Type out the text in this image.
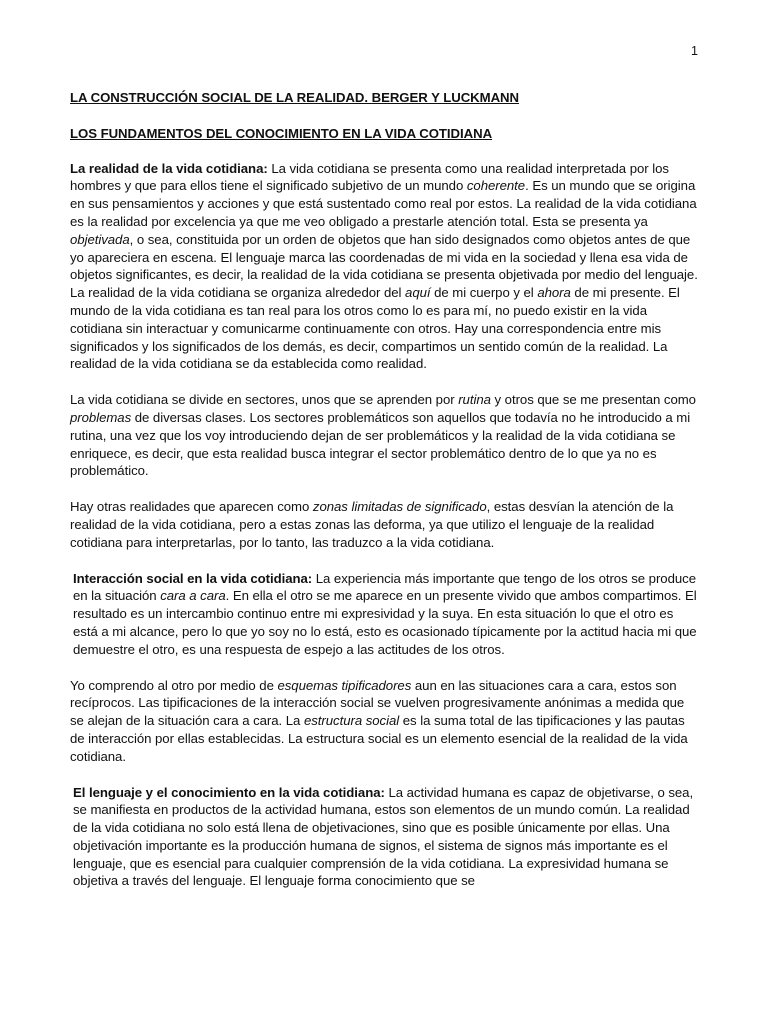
1
LA CONSTRUCCIÓN SOCIAL DE LA REALIDAD. BERGER Y LUCKMANN
LOS FUNDAMENTOS DEL CONOCIMIENTO EN LA VIDA COTIDIANA

La realidad de la vida cotidiana: La vida cotidiana se presenta como una realidad interpretada por los hombres y que para ellos tiene el significado subjetivo de un mundo coherente. Es un mundo que se origina en sus pensamientos y acciones y que está sustentado como real por estos. La realidad de la vida cotidiana es la realidad por excelencia ya que me veo obligado a prestarle atención total. Esta se presenta ya objetivada, o sea, constituida por un orden de objetos que han sido designados como objetos antes de que yo apareciera en escena. El lenguaje marca las coordenadas de mi vida en la sociedad y llena esa vida de objetos significantes, es decir, la realidad de la vida cotidiana se presenta objetivada por medio del lenguaje. La realidad de la vida cotidiana se organiza alrededor del aquí de mi cuerpo y el ahora de mi presente. El mundo de la vida cotidiana es tan real para los otros como lo es para mí, no puedo existir en la vida cotidiana sin interactuar y comunicarme continuamente con otros. Hay una correspondencia entre mis significados y los significados de los demás, es decir, compartimos un sentido común de la realidad. La realidad de la vida cotidiana se da establecida como realidad.

La vida cotidiana se divide en sectores, unos que se aprenden por rutina y otros que se me presentan como problemas de diversas clases. Los sectores problemáticos son aquellos que todavía no he introducido a mi rutina, una vez que los voy introduciendo dejan de ser problemáticos y la realidad de la vida cotidiana se enriquece, es decir, que esta realidad busca integrar el sector problemático dentro de lo que ya no es problemático.

Hay otras realidades que aparecen como zonas limitadas de significado, estas desvían la atención de la realidad de la vida cotidiana, pero a estas zonas las deforma, ya que utilizo el lenguaje de la realidad cotidiana para interpretarlas, por lo tanto, las traduzco a la vida cotidiana.

Interacción social en la vida cotidiana: La experiencia más importante que tengo de los otros se produce en la situación cara a cara. En ella el otro se me aparece en un presente vivido que ambos compartimos. El resultado es un intercambio continuo entre mi expresividad y la suya. En esta situación lo que el otro es está a mi alcance, pero lo que yo soy no lo está, esto es ocasionado típicamente por la actitud hacia mi que demuestre el otro, es una respuesta de espejo a las actitudes de los otros.

Yo comprendo al otro por medio de esquemas tipificadores aun en las situaciones cara a cara, estos son recíprocos. Las tipificaciones de la interacción social se vuelven progresivamente anónimas a medida que se alejan de la situación cara a cara. La estructura social es la suma total de las tipificaciones y las pautas de interacción por ellas establecidas. La estructura social es un elemento esencial de la realidad de la vida cotidiana.

El lenguaje y el conocimiento en la vida cotidiana: La actividad humana es capaz de objetivarse, o sea, se manifiesta en productos de la actividad humana, estos son elementos de un mundo común. La realidad de la vida cotidiana no solo está llena de objetivaciones, sino que es posible únicamente por ellas. Una objetivación importante es la producción humana de signos, el sistema de signos más importante es el lenguaje, que es esencial para cualquier comprensión de la vida cotidiana. La expresividad humana se objetiva a través del lenguaje. El lenguaje forma conocimiento que se
